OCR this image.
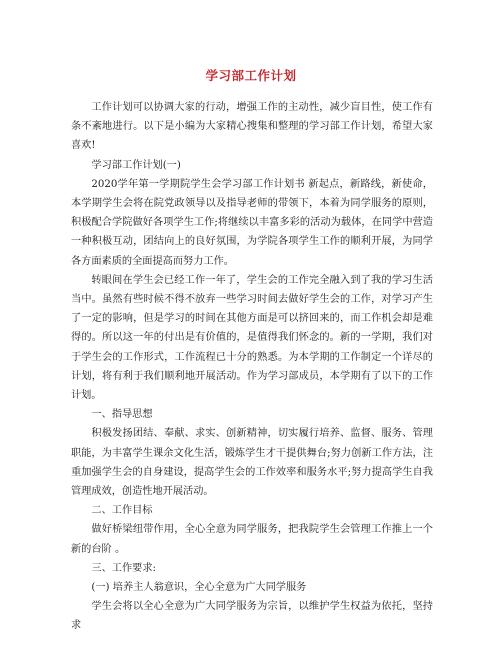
学习部工作计划

工作计划可以协调大家的行动，增强工作的主动性，减少盲目性，使工作有条不紊地进行。以下是小编为大家精心搜集和整理的学习部工作计划，希望大家喜欢!

学习部工作计划(一)

2020学年第一学期院学生会学习部工作计划书 新起点，新路线，新使命，本学期学生会将在院党政领导以及指导老师的带领下，本着为同学服务的原则，积极配合学院做好各项学生工作;将继续以丰富多彩的活动为载体，在同学中营造一种积极互动，团结向上的良好氛围，为学院各项学生工作的顺利开展，为同学各方面素质的全面提高而努力工作。

转眼间在学生会已经工作一年了，学生会的工作完全融入到了我的学习生活当中。虽然有些时候不得不放弃一些学习时间去做好学生会的工作，对学习产生了一定的影响，但是学习的时间在其他方面是可以挤回来的，而工作机会却是难得的。所以这一年的付出是有价值的，是值得我们怀念的。新的一学期，我们对于学生会的工作形式，工作流程已十分的熟悉。为本学期的工作制定一个详尽的计划，将有利于我们顺利地开展活动。作为学习部成员，本学期有了以下的工作计划。

一、指导思想

积极发扬团结、奉献、求实、创新精神，切实履行培养、监督、服务、管理职能，为丰富学生课余文化生活，锻炼学生才干提供舞台;努力创新工作方法，注重加强学生会的自身建设，提高学生会的工作效率和服务水平;努力提高学生自我管理成效，创造性地开展活动。

二、工作目标

做好桥梁纽带作用，全心全意为同学服务，把我院学生会管理工作推上一个新的台阶 。

三、工作要求:

(一) 培养主人翁意识，全心全意为广大同学服务

学生会将以全心全意为广大同学服务为宗旨，以维护学生权益为依托，坚持求
